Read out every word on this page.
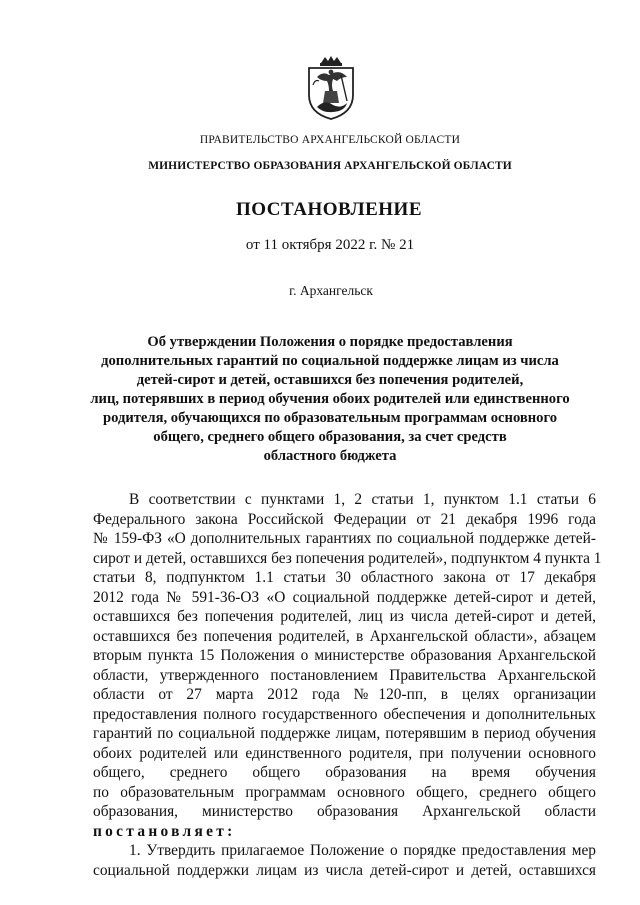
ПРАВИТЕЛЬСТВО АРХАНГЕЛЬСКОЙ ОБЛАСТИ
МИНИСТЕРСТВО ОБРАЗОВАНИЯ АРХАНГЕЛЬСКОЙ ОБЛАСТИ
ПОСТАНОВЛЕНИЕ
от 11 октября 2022 г. № 21
г. Архангельск
Об утверждении Положения о порядке предоставления
дополнительных гарантий по социальной поддержке лицам из числа
детей-сирот и детей, оставшихся без попечения родителей,
лиц, потерявших в период обучения обоих родителей или единственного
родителя, обучающихся по образовательным программам основного
общего, среднего общего образования, за счет средств
областного бюджета
В соответствии с пунктами 1, 2 статьи 1, пунктом 1.1 статьи 6
Федерального закона Российской Федерации от 21 декабря 1996 года
№ 159-ФЗ «О дополнительных гарантиях по социальной поддержке детей-
сирот и детей, оставшихся без попечения родителей», подпунктом 4 пункта 1
статьи 8, подпунктом 1.1 статьи 30 областного закона от 17 декабря
2012 года № 591-36-ОЗ «О социальной поддержке детей-сирот и детей,
оставшихся без попечения родителей, лиц из числа детей-сирот и детей,
оставшихся без попечения родителей, в Архангельской области», абзацем
вторым пункта 15 Положения о министерстве образования Архангельской
области, утвержденного постановлением Правительства Архангельской
области от 27 марта 2012 года №120-пп, в целях организации
предоставления полного государственного обеспечения и дополнительных
гарантий по социальной поддержке лицам, потерявшим в период обучения
обоих родителей или единственного родителя, при получении основного
общего, среднего общего образования на время обучения
по образовательным программам основного общего, среднего общего
образования, министерство образования Архангельской области
постановляет:
1. Утвердить прилагаемое Положение о порядке предоставления мер
социальной поддержки лицам из числа детей-сирот и детей, оставшихся
